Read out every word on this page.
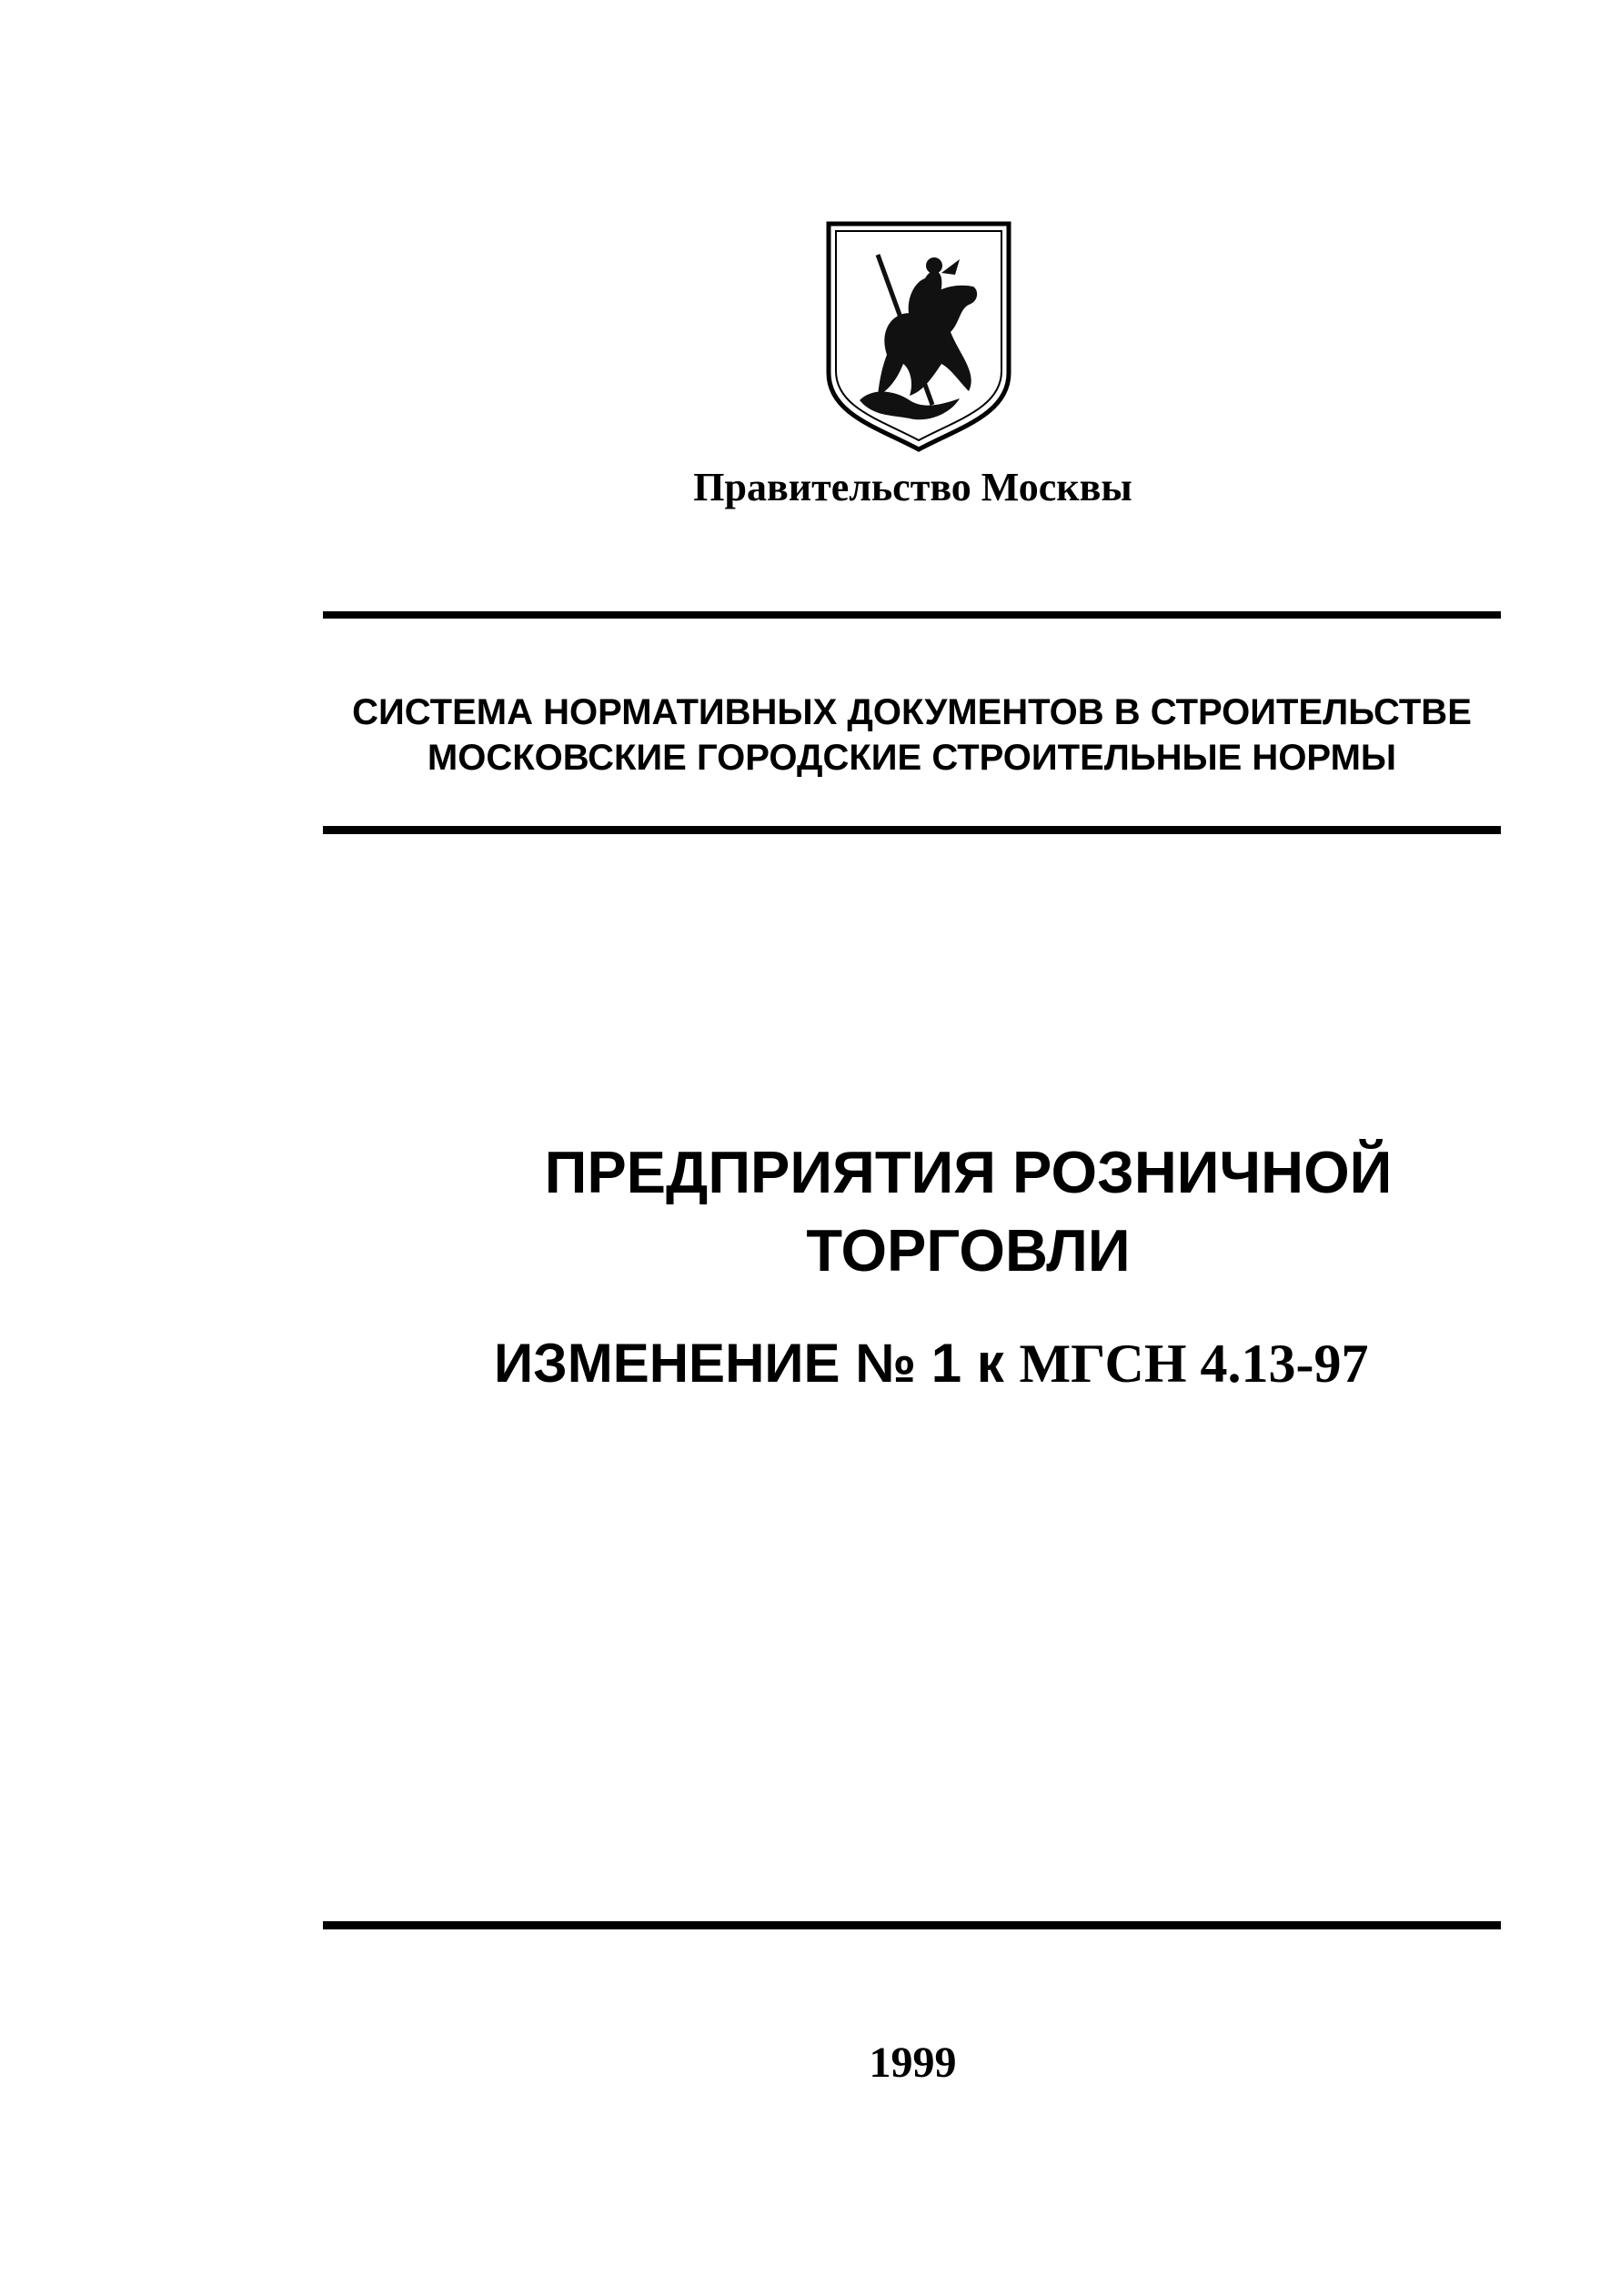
Правительство Москвы
СИСТЕМА НОРМАТИВНЫХ ДОКУМЕНТОВ В СТРОИТЕЛЬСТВЕ
МОСКОВСКИЕ ГОРОДСКИЕ СТРОИТЕЛЬНЫЕ НОРМЫ
ПРЕДПРИЯТИЯ РОЗНИЧНОЙ
ТОРГОВЛИ
ИЗМЕНЕНИЕ № 1 к МГСН 4.13-97
1999
